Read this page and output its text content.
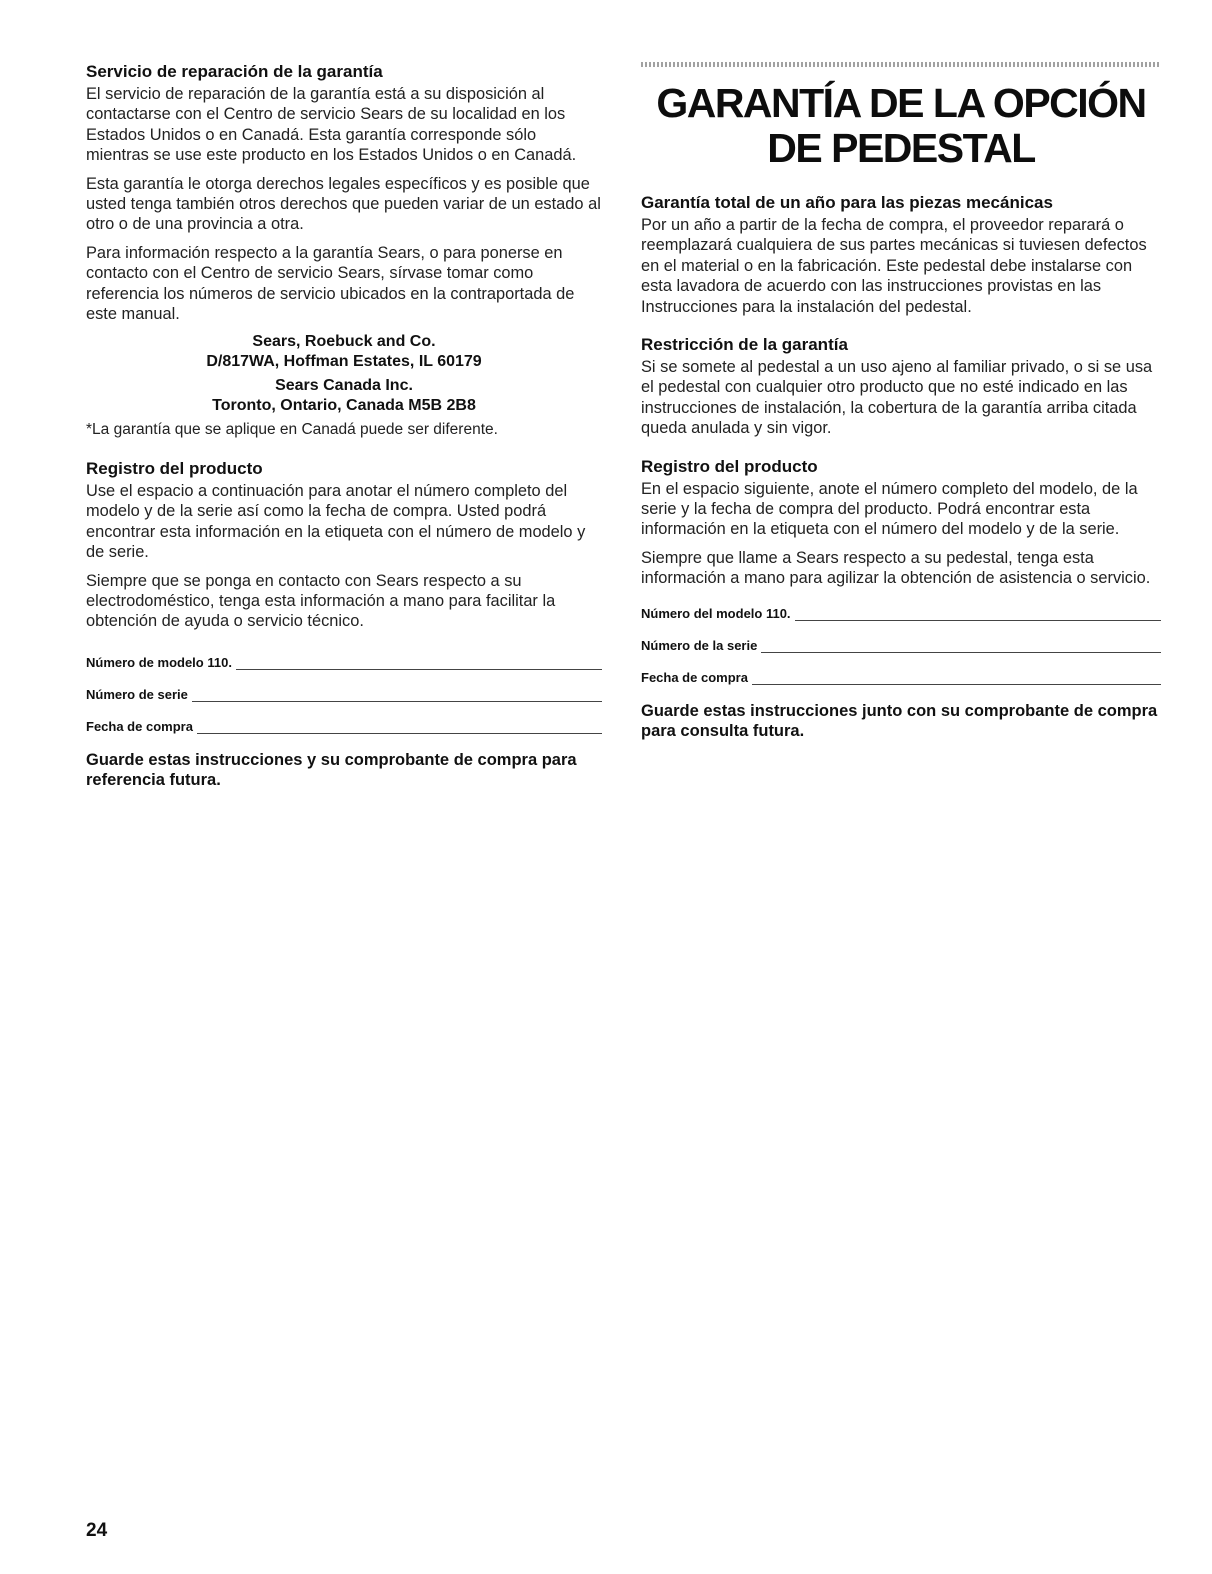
Servicio de reparación de la garantía

El servicio de reparación de la garantía está a su disposición al contactarse con el Centro de servicio Sears de su localidad en los Estados Unidos o en Canadá. Esta garantía corresponde sólo mientras se use este producto en los Estados Unidos o en Canadá.

Esta garantía le otorga derechos legales específicos y es posible que usted tenga también otros derechos que pueden variar de un estado al otro o de una provincia a otra.

Para información respecto a la garantía Sears, o para ponerse en contacto con el Centro de servicio Sears, sírvase tomar como referencia los números de servicio ubicados en la contraportada de este manual.

Sears, Roebuck and Co.
D/817WA, Hoffman Estates, IL 60179
Sears Canada Inc.
Toronto, Ontario, Canada M5B 2B8

*La garantía que se aplique en Canadá puede ser diferente.

Registro del producto

Use el espacio a continuación para anotar el número completo del modelo y de la serie así como la fecha de compra. Usted podrá encontrar esta información en la etiqueta con el número de modelo y de serie.

Siempre que se ponga en contacto con Sears respecto a su electrodoméstico, tenga esta información a mano para facilitar la obtención de ayuda o servicio técnico.

Número de modelo 110.
Número de serie
Fecha de compra
Guarde estas instrucciones y su comprobante de compra para referencia futura.
GARANTÍA DE LA OPCIÓN
DE PEDESTAL
Garantía total de un año para las piezas mecánicas

Por un año a partir de la fecha de compra, el proveedor reparará o reemplazará cualquiera de sus partes mecánicas si tuviesen defectos en el material o en la fabricación. Este pedestal debe instalarse con esta lavadora de acuerdo con las instrucciones provistas en las Instrucciones para la instalación del pedestal.

Restricción de la garantía

Si se somete al pedestal a un uso ajeno al familiar privado, o si se usa el pedestal con cualquier otro producto que no esté indicado en las instrucciones de instalación, la cobertura de la garantía arriba citada queda anulada y sin vigor.

Registro del producto

En el espacio siguiente, anote el número completo del modelo, de la serie y la fecha de compra del producto. Podrá encontrar esta información en la etiqueta con el número del modelo y de la serie.

Siempre que llame a Sears respecto a su pedestal, tenga esta información a mano para agilizar la obtención de asistencia o servicio.

Número del modelo 110.
Número de la serie
Fecha de compra
Guarde estas instrucciones junto con su comprobante de compra para consulta futura.
24
